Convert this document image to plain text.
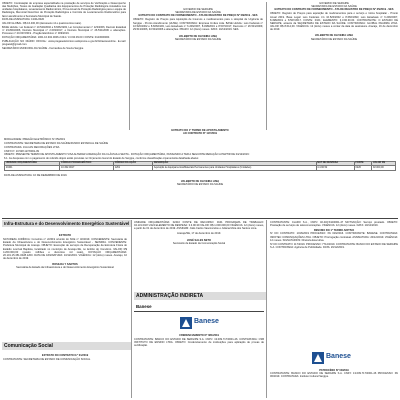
OBJETO: Contratação de empresa especializada na prestação de serviços de Verificação e Desempenho das Medições, Testes de Avaliação Qualitativa dos Equipamentos de Proteção Radiológica instalados nas unidades hospitalares, Levantamento Radiométrico, Prova Anual de Proteção Radiológica para o equipe de Radiologia, Memorial Descritivo de Proteção Radiológica e Controle de Levantamento Radiométrico para fazer atendimento à Secretaria Municipal de Saúde.

DATA DE ASSINATURA: 13/01/2020

VALOR GLOBAL: R$ 16.400,00 (dezesseis mil e quatrocentos reais).

BASE LEGAL: Lei Federal nº 10.520/2002 e 8.666/1993, Lei Complementar nº 123/2006, Decreto Estadual nº 23.800/2006, Decreto Municipal nº 2.003/2017, e Decreto Municipal nº 26.531/2006 e alterações. Processo nº 20.007/2019 - Pregão Eletrônico nº 009/2019.

DOTAÇÃO ORÇAMENTÁRIA: 1001.10.302.0006.2.044 / 3.3.90.39.00 / FONTE: 0123000000.

PUBLICAÇÃO NO DIÁRIO OFICIAL: www.pregaoeletronico.sudopreme.e.gov.br/licitacoesonline. E-mail: pregaoel@gmail.com.

SECRETÁRIO MUNICIPAL DA SAÚDE - Fernandes de Souza Sergipe

GOVERNO DE SERGIPE
SECRETARIA DE ESTADO DA SAÚDE
EXTRATO DO CONTRATO DE FORNECIMENTO - ATA DE REGISTRO DE PREÇO Nº 08/2019 - SES

OBJETO: Registro de Preços para Aquisição de Insumos e medicamentos para o Hospital de Urgência de Sergipe - Pronto Atendimento (HUSE). CONTRATADA: Empresa Irmãos Ltda. BASE LEGAL: Leis Federais nº 10.520/2002 e 8.666/1993, Leis Estaduais nº 6.206/2007, 8.498/2019 e 8.507/2017; Decretos nº 26.531/2009, 29.513/2006, 43.534/2006 e alterações. PRAZO: 12 (doze) meses. DATA: 10/12/2019. SES.

VALBERTO DE OLIVEIRA LIMA
SECRETÁRIO DE ESTADO DA SAÚDE
GOVERNO DE SERGIPE
SECRETARIA DE ESTADO DA SAÚDE
EXTRATO DO CONTRATO DE FORNECIMENTO - ATA DE REGISTRO DE PREÇO Nº 35/2019 - SES

OBJETO: Registro de Preços para aquisição de medicamentos para o serviço e rotina hospitalar - Pronto Anual 2019. Base Legal: Leis Federais nºs 10.520/2002 e 8.666/1993, Leis Estaduais nº 6.206/2007, 8.498/2019 e 8.507/2017. FONTE: 0101; ELEMENTO: 3.3.90.30.00. CONTRATANTE: O ESTADO DE SERGIPE, através da SECRETARIA DE ESTADO DA SAÚDE. CONTRATADA: GLOBAL PHARMA LTDA. VALOR: R$ 8.614,00. VIGÊNCIA: 12 (doze) meses a contar da data de assinatura. Aracaju, 16 de dezembro de 2019.

VALBERTO DE OLIVEIRA LIMA
SECRETÁRIO DE ESTADO DA SAÚDE
EXTRATO DO 1º TERMO DE APOSTILAMENTO
AO CONTRATO Nº 117/2019

MODALIDADE: PREGÃO ELETRÔNICO Nº 65/2019

CONTRATANTE: SECRETARIA DE ESTADO DA SAÚDE/FUNDO ESTADUAL DE SAÚDE

CONTRATADA: JULCAN DECORAÇÕES LTDA

CNPJ Nº: 10.528.127/0001-09

OBJETO: PRESENTE TERMO DE APOSTILAMENTO VISA ALTERAR A REDAÇÃO DA CLÁUSULA SEXTA - DOTAÇÃO ORÇAMENTÁRIA, PASSANDO A TER A SEGUINTE REDAÇÃO A PARTIR DE 04/12/2019:

6.1. As despesas com o pagamento do referido objeto estão previstas no Orçamento Geral do Estado de Sergipe, conforme classificação orçamentária detalhada abaixo:

UNIDADE ORÇAMENTÁRIA	CÓDIGO PROGRAMÁTICO	CÓDIGO DA AÇÃO	DESCRIÇÃO	NAT DE DESPESA	FONTE	VALOR R$
20401	10.302.0017	1261	Aquisição de Equipamentos/Materiais Permanentes para Unidades Hospitalares (Unidades)	4.4.90.52	0226	92.000,00

DATA DE ASSINATURA: 16 DE DEZEMBRO DE 2019.

VALBERTO DE OLIVEIRA LIMA
SECRETÁRIO DE ESTADO DA SAÚDE
Infra-Estrutura e do Desenvolvimento Energético Sustentável
EXTRATO

NATUREZA JURÍDICA: Convênio nº 2/2019 oriundo do NCE nº 32/2019. CONCEDENTE: Secretaria de Estado da Infraestrutura e do Desenvolvimento Energético Sustentável - SEINFRA. CONVENENTE: Prefeitura Municipal de Aracaju. OBJETO: Execução de serviços de Recuperação da Estrutura Física do Estádio Lourival Baptista, localizado no município de Aracaju-SE, no âmbito do Convênio. VALOR: R$ 4.200.000,00 (quatro milhões e duzentos mil reais). DOTAÇÃO ORÇAMENTÁRIA: 20.101.15.451.0028.1200. DATA DE ASSINATURA: 10/12/2019. VIGÊNCIA: 12 (doze) meses. Aracaju, 10 de dezembro de 2019.

ROSILDA Y SANTOS
Secretária de Estado da Infraestrutura e do Desenvolvimento Energético Sustentável
Comunicação Social
EXTRATO DO CONTRATO N.º 01/2019

CONTRATANTE: SECRETARIA DE ESTADO DE COMUNICAÇÃO SOCIAL

UNIDADE ORÇAMENTÁRIA: 02410 FONTE DE RECURSO: 0101 PROGRAMA DE TRABALHO: 04.131.0027.2224 ELEMENTO DE DESPESA: 3.3.90.39 VALOR: R$ 1.000.000,00 VIGÊNCIA: 12 (doze) meses, a partir de 01 de dezembro de 2019. ASSINAM: João Carlos Vasconcelos e Juliana Mota dos Santos Lima.

Aracaju/SE, 17 de dezembro de 2019.
JOSÉ SALES NETO
Secretário de Estado da Comunicação Social
ADMINISTRAÇÃO INDIRETA
Banese
Banese
CREDENCIAMENTO Nº 081/2019

CONTRATANTE: BANCO DO ESTADO DE SERGIPE S.A. CNPJ: 13.009.717/0001-46. CONTRATADA: CSB INSTITUTO DE ENSINO LTDA. OBJETO: Credenciamento de instituições para aplicação de provas de certificação.

CONTRATANTE: CLARO S.A., CNPJ: 40.432.544/0001-47 MOTIVAÇÃO: Serviço prestado. OBJETO: Prestação de serviços de telecomunicações. VIGÊNCIA: 12 (doze) meses. DATA: 10/12/2019.

RESUMO DO 1º TERMO ADITIVO

Nº DO CONTRATO: 1016/2019 PROCESSO: PA 016/2016. CONTRATANTE: BANESE. CONTRATADA: INFOTEC COMUNICAÇÕES LTDA. OBJETO: Prorrogação contratual. ASSINATURA: 20/12/2019. VIGÊNCIA: 12 meses. SIGNATÁRIOS: Diretoria Executiva.

Nº DO CONTRATO: 117/2019. PROCESSO: 7712/2019. CONTRATANTE: BANCO DO ESTADO DE SERGIPE S.A. CONTRATADA: Agência de Publicidade. DATA: 26/12/2019.

Banese
PATROCÍNIO Nº 03/2019

CONTRATANTE: BANCO DO ESTADO DE SERGIPE S.A. CNPJ: 13.009.717/0001-46 PROCESSO: PA 06/2019. CONTRATADA: Instituto Cultural Sergipe.
